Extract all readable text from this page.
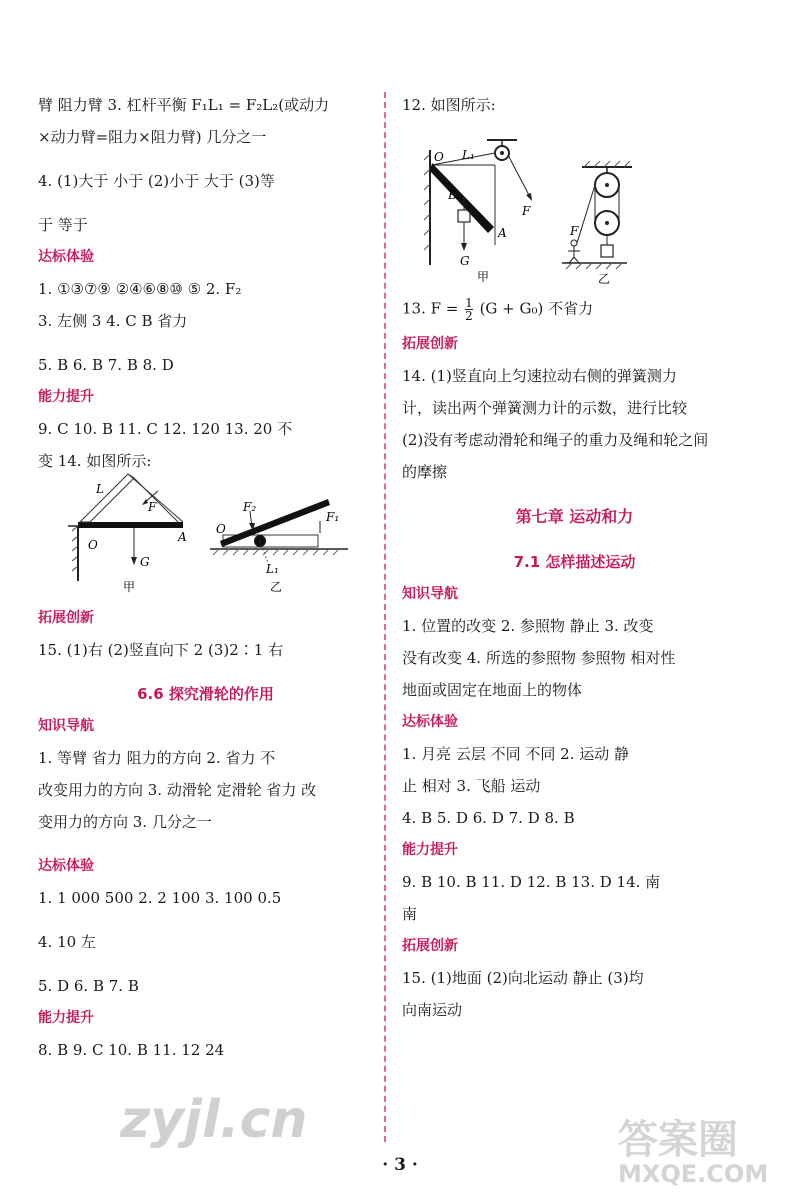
臂 阻力臂 3. 杠杆平衡 F₁L₁ = F₂L₂(或动力

×动力臂=阻力×阻力臂) 几分之一

4. (1)大于 小于 (2)小于 大于 (3)等

于 等于

达标体验

1. ①③⑦⑨ ②④⑥⑧⑩ ⑤ 2. F₂

3. 左侧 3 4. C B 省力

5. B 6. B 7. B 8. D

能力提升

9. C 10. B 11. C 12. 120 13. 20 不

变 14. 如图所示:

L
F
O
G
A
甲
F₂
F₁
O
L₁
乙

拓展创新

15. (1)右 (2)竖直向下 2 (3)2∶1 右

6.6 探究滑轮的作用

知识导航

1. 等臂 省力 阻力的方向 2. 省力 不

改变用力的方向 3. 动滑轮 定滑轮 省力 改

变用力的方向 3. 几分之一

达标体验

1. 1 000 500 2. 2 100 3. 100 0.5

4. 10 左

5. D 6. B 7. B

能力提升

8. B 9. C 10. B 11. 12 24

12. 如图所示:

O L₁
F
B
A
G
甲
F
乙

13. $F = \frac{1}{2} (G + G_0)$ 不省力

拓展创新

14. (1)竖直向上匀速拉动右侧的弹簧测力

计，读出两个弹簧测力计的示数，进行比较

(2)没有考虑动滑轮和绳子的重力及绳和轮之间

的摩擦

第七章 运动和力

7.1 怎样描述运动

知识导航

1. 位置的改变 2. 参照物 静止 3. 改变

没有改变 4. 所选的参照物 参照物 相对性

地面或固定在地面上的物体

达标体验

1. 月亮 云层 不同 不同 2. 运动 静

止 相对 3. 飞船 运动

4. B 5. D 6. D 7. D 8. B

能力提升

9. B 10. B 11. D 12. B 13. D 14. 南

南

拓展创新

15. (1)地面 (2)向北运动 静止 (3)均

向南运动

· 3 ·
zyjl.cn	答案圈
MXQE.COM
